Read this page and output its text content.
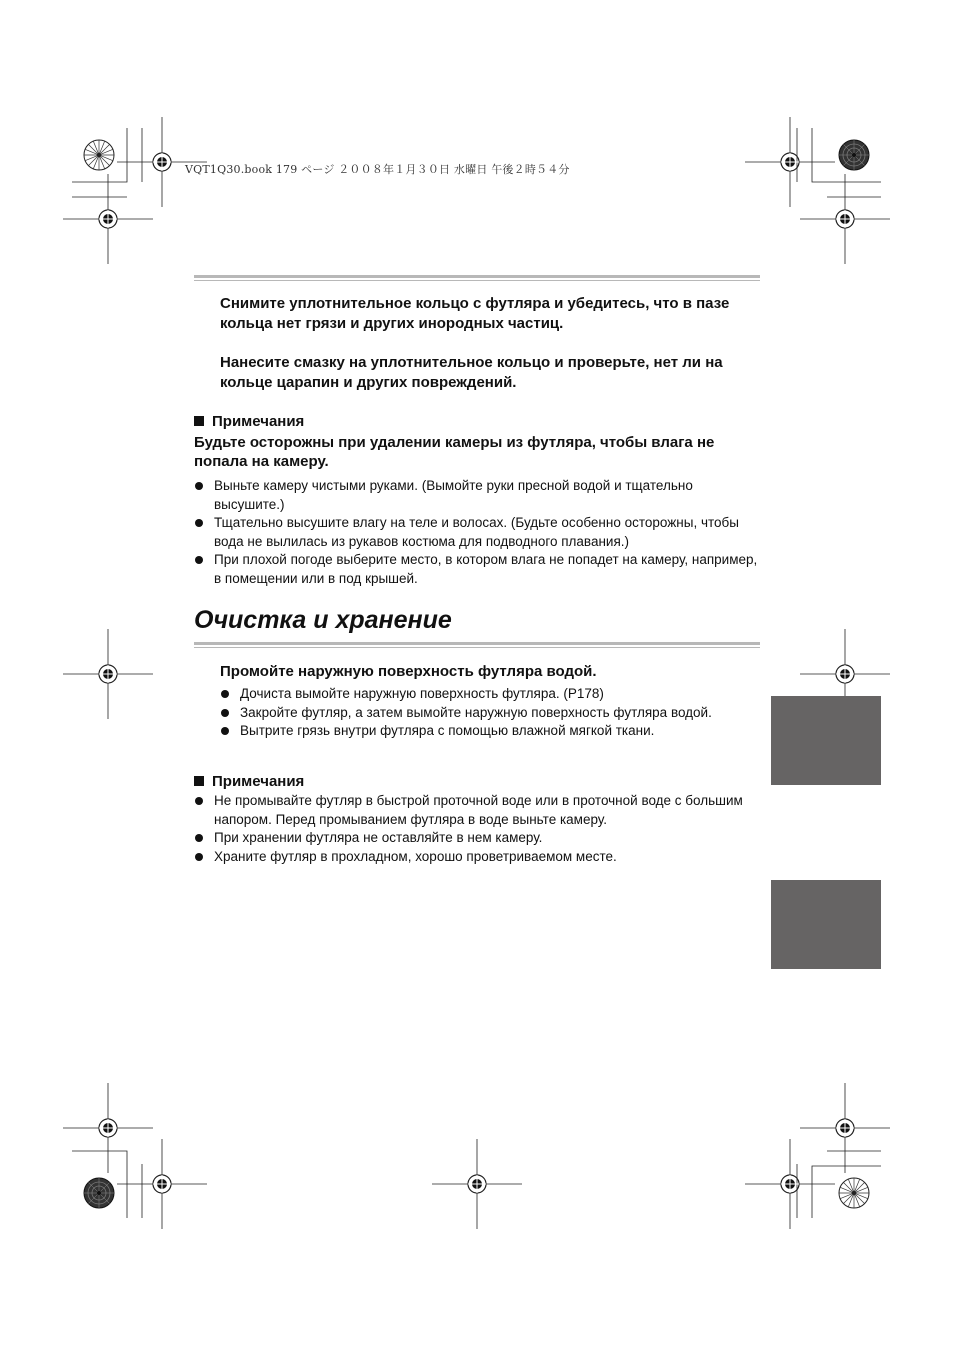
VQT1Q30.book 179 ページ ２００８年１月３０日 水曜日 午後２時５４分
Снимите уплотнительное кольцо с футляра и убедитесь, что в пазе кольца нет грязи и других инородных частиц.
Нанесите смазку на уплотнительное кольцо и проверьте, нет ли на кольце царапин и других повреждений.
Примечания
Будьте осторожны при удалении камеры из футляра, чтобы влага не попала на камеру.
Выньте камеру чистыми руками. (Вымойте руки пресной водой и тщательно высушите.)
Тщательно высушите влагу на теле и волосах. (Будьте особенно осторожны, чтобы вода не вылилась из рукавов костюма для подводного плавания.)
При плохой погоде выберите место, в котором влага не попадет на камеру, например, в помещении или в под крышей.
Очистка и хранение
Промойте наружную поверхность футляра водой.
Дочиста вымойте наружную поверхность футляра. (P178)
Закройте футляр, а затем вымойте наружную поверхность футляра водой.
Вытрите грязь внутри футляра с помощью влажной мягкой ткани.
Примечания
Не промывайте футляр в быстрой проточной воде или в проточной воде с большим напором. Перед промыванием футляра в воде выньте камеру.
При хранении футляра не оставляйте в нем камеру.
Храните футляр в прохладном, хорошо проветриваемом месте.
